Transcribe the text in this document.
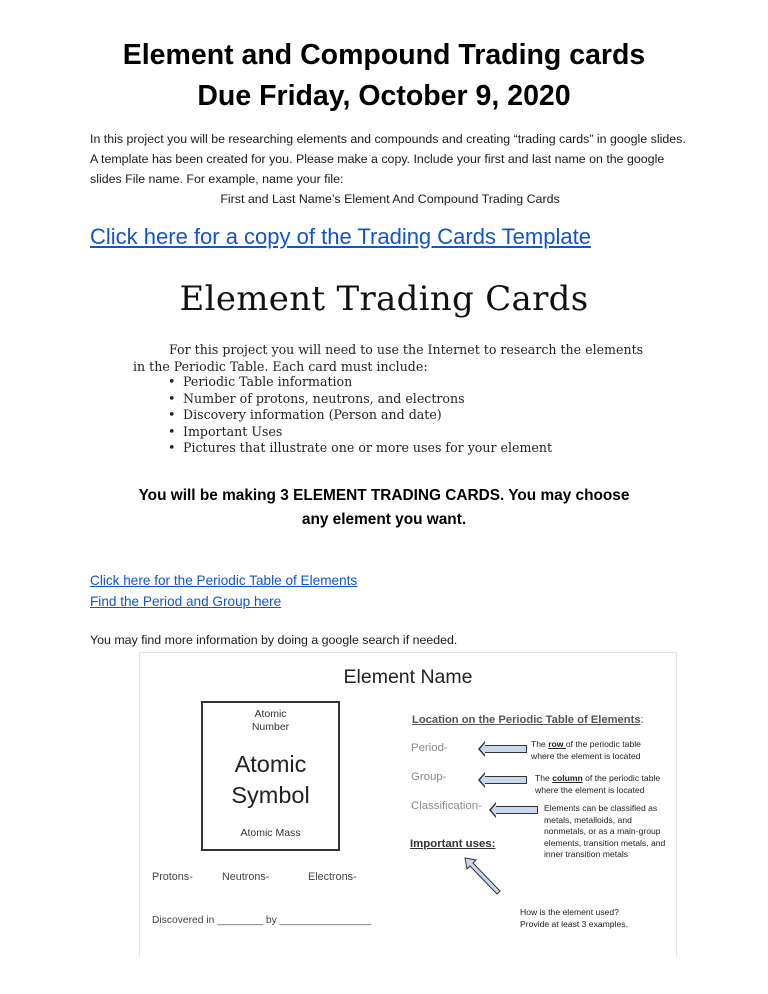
Element and Compound Trading cards
Due Friday, October 9, 2020
In this project you will be researching elements and compounds and creating “trading cards” in google slides. A template has been created for you. Please make a copy. Include your first and last name on the google slides File name. For example, name your file:
First and Last Name’s Element And Compound Trading Cards
Click here for a copy of the Trading Cards Template
Element Trading Cards
For this project you will need to use the Internet to research the elements
in the Periodic Table. Each card must include:
• Periodic Table information
• Number of protons, neutrons, and electrons
• Discovery information (Person and date)
• Important Uses
• Pictures that illustrate one or more uses for your element
You will be making 3 ELEMENT TRADING CARDS. You may choose
any element you want.
Click here for the Periodic Table of Elements
Find the Period and Group here
You may find more information by doing a google search if needed.
Element Name
Atomic
Number
Atomic
Symbol
Atomic Mass
Location on the Periodic Table of Elements:
Period-
Group-
Classification-
The row of the periodic table
where the element is located
The column of the periodic table
where the element is located
Elements can be classified as
metals, metalloids, and
nonmetals, or as a main-group
elements, transition metals, and
inner transition metals
Important uses:
Protons-	Neutrons-	Electrons-
Discovered in ________ by ________________
How is the element used?
Provide at least 3 examples.
